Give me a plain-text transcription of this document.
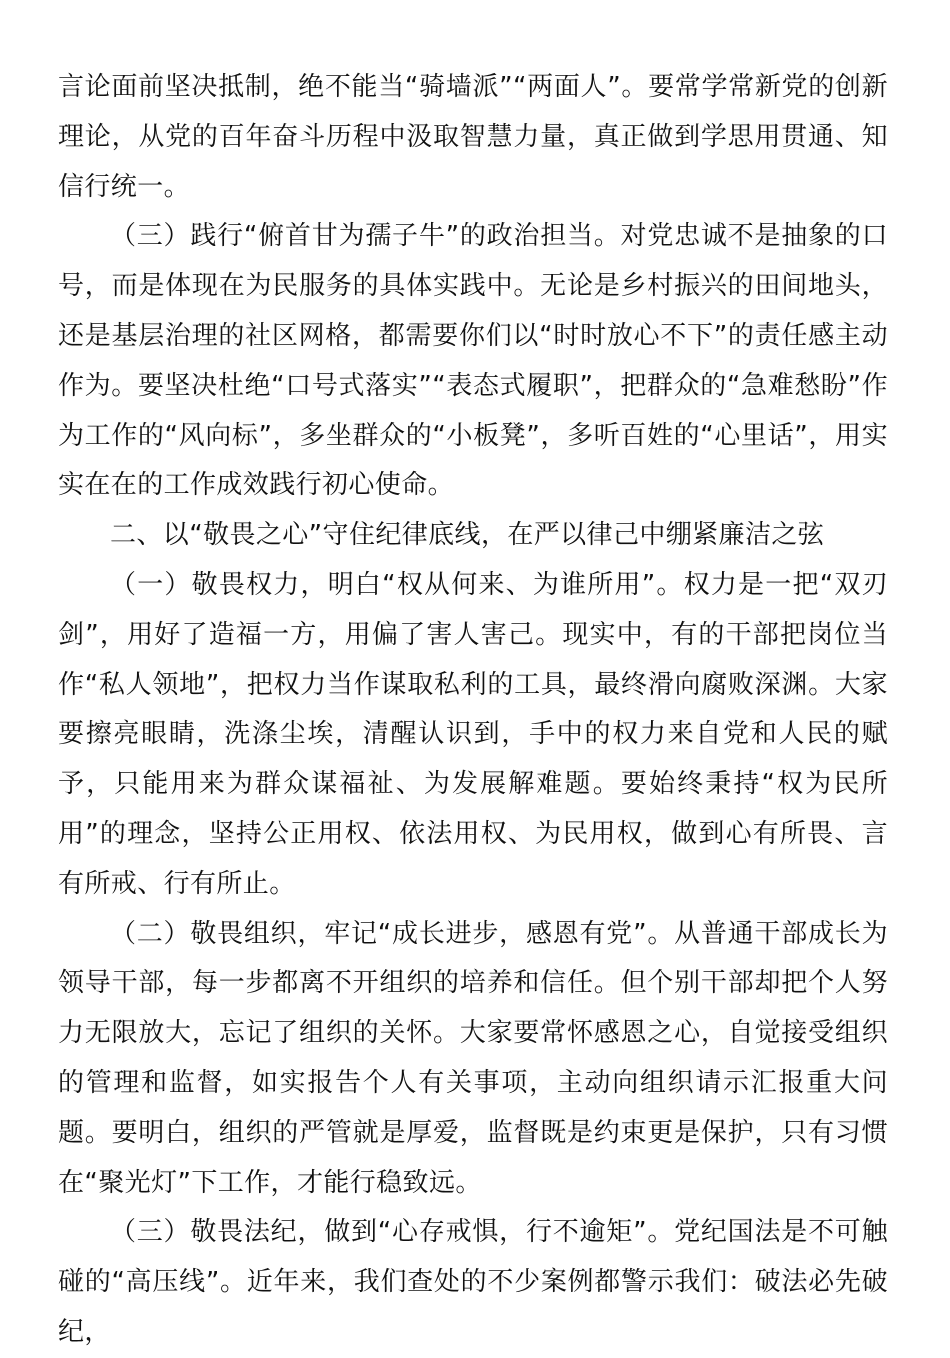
言论面前坚决抵制，绝不能当“骑墙派”“两面人”。要常学常新党的创新理论，从党的百年奋斗历程中汲取智慧力量，真正做到学思用贯通、知信行统一。

（三）践行“俯首甘为孺子牛”的政治担当。对党忠诚不是抽象的口号，而是体现在为民服务的具体实践中。无论是乡村振兴的田间地头，还是基层治理的社区网格，都需要你们以“时时放心不下”的责任感主动作为。要坚决杜绝“口号式落实”“表态式履职”，把群众的“急难愁盼”作为工作的“风向标”，多坐群众的“小板凳”，多听百姓的“心里话”，用实实在在的工作成效践行初心使命。

二、以“敬畏之心”守住纪律底线，在严以律己中绷紧廉洁之弦

（一）敬畏权力，明白“权从何来、为谁所用”。权力是一把“双刃剑”，用好了造福一方，用偏了害人害己。现实中，有的干部把岗位当作“私人领地”，把权力当作谋取私利的工具，最终滑向腐败深渊。大家要擦亮眼睛，洗涤尘埃，清醒认识到，手中的权力来自党和人民的赋予，只能用来为群众谋福祉、为发展解难题。要始终秉持“权为民所用”的理念，坚持公正用权、依法用权、为民用权，做到心有所畏、言有所戒、行有所止。

（二）敬畏组织，牢记“成长进步，感恩有党”。从普通干部成长为领导干部，每一步都离不开组织的培养和信任。但个别干部却把个人努力无限放大，忘记了组织的关怀。大家要常怀感恩之心，自觉接受组织的管理和监督，如实报告个人有关事项，主动向组织请示汇报重大问题。要明白，组织的严管就是厚爱，监督既是约束更是保护，只有习惯在“聚光灯”下工作，才能行稳致远。

（三）敬畏法纪，做到“心存戒惧，行不逾矩”。党纪国法是不可触碰的“高压线”。近年来，我们查处的不少案例都警示我们：破法必先破纪，
